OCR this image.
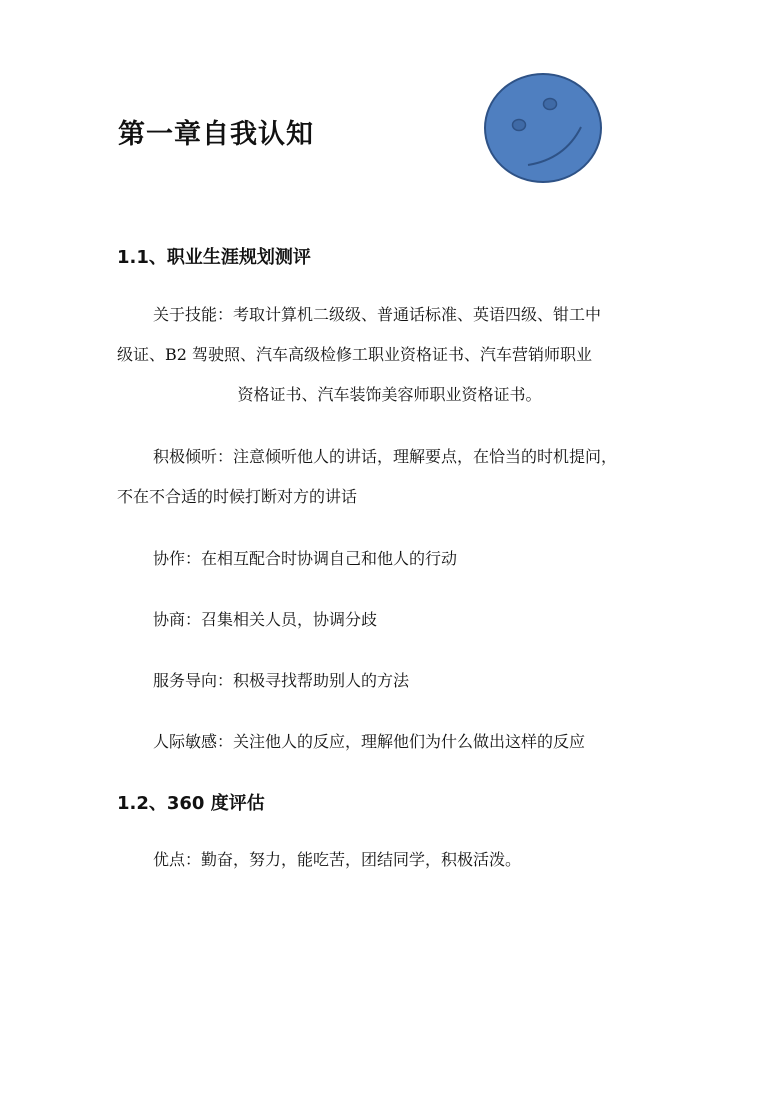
第一章自我认知
1.1、职业生涯规划测评
关于技能：考取计算机二级级、普通话标准、英语四级、钳工中
级证、B2 驾驶照、汽车高级检修工职业资格证书、汽车营销师职业
资格证书、汽车装饰美容师职业资格证书。
积极倾听：注意倾听他人的讲话，理解要点，在恰当的时机提问，
不在不合适的时候打断对方的讲话

协作：在相互配合时协调自己和他人的行动

协商：召集相关人员，协调分歧

服务导向：积极寻找帮助别人的方法

人际敏感：关注他人的反应，理解他们为什么做出这样的反应

1.2、360 度评估

优点：勤奋，努力，能吃苦，团结同学，积极活泼。
